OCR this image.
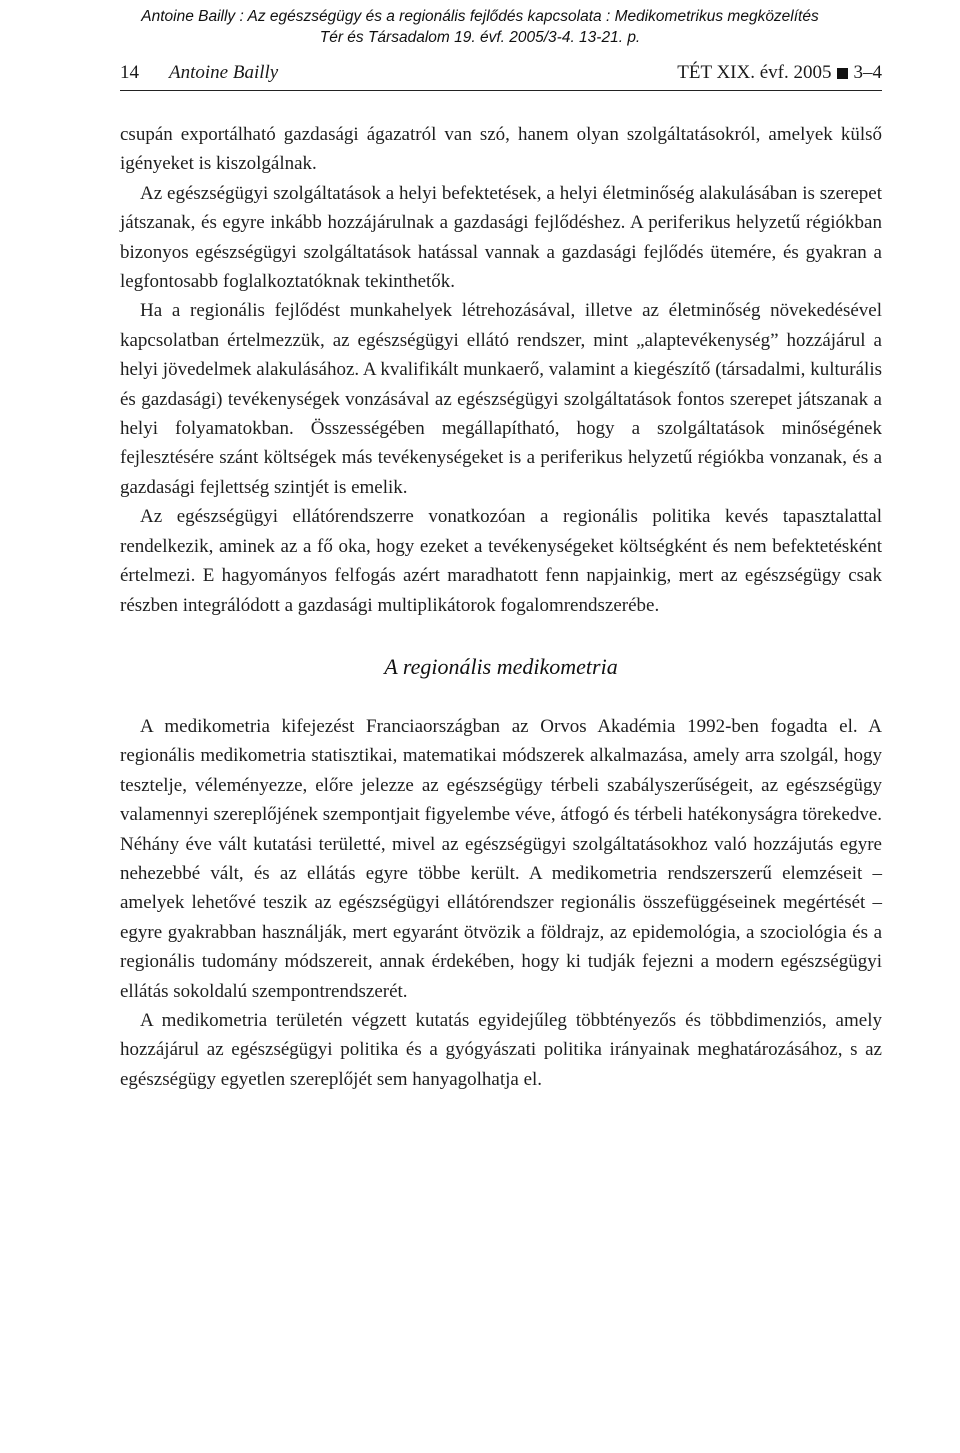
Antoine Bailly : Az egészségügy és a regionális fejlődés kapcsolata : Medikometrikus megközelítés
Tér és Társadalom 19. évf. 2005/3-4. 13-21. p.
14 Antoine Bailly	TÉT XIX. évf. 2005 3–4

csupán exportálható gazdasági ágazatról van szó, hanem olyan szolgáltatásokról, amelyek külső igényeket is kiszolgálnak.

Az egészségügyi szolgáltatások a helyi befektetések, a helyi életminőség alakulásában is szerepet játszanak, és egyre inkább hozzájárulnak a gazdasági fejlődéshez. A periferikus helyzetű régiókban bizonyos egészségügyi szolgáltatások hatással vannak a gazdasági fejlődés ütemére, és gyakran a legfontosabb foglalkoztatóknak tekinthetők.

Ha a regionális fejlődést munkahelyek létrehozásával, illetve az életminőség növekedésével kapcsolatban értelmezzük, az egészségügyi ellátó rendszer, mint „alaptevékenység” hozzájárul a helyi jövedelmek alakulásához. A kvalifikált munkaerő, valamint a kiegészítő (társadalmi, kulturális és gazdasági) tevékenységek vonzásával az egészségügyi szolgáltatások fontos szerepet játszanak a helyi folyamatokban. Összességében megállapítható, hogy a szolgáltatások minőségének fejlesztésére szánt költségek más tevékenységeket is a periferikus helyzetű régiókba vonzanak, és a gazdasági fejlettség szintjét is emelik.

Az egészségügyi ellátórendszerre vonatkozóan a regionális politika kevés tapasztalattal rendelkezik, aminek az a fő oka, hogy ezeket a tevékenységeket költségként és nem befektetésként értelmezi. E hagyományos felfogás azért maradhatott fenn napjainkig, mert az egészségügy csak részben integrálódott a gazdasági multiplikátorok fogalomrendszerébe.

A regionális medikometria

A medikometria kifejezést Franciaországban az Orvos Akadémia 1992-ben fogadta el. A regionális medikometria statisztikai, matematikai módszerek alkalmazása, amely arra szolgál, hogy tesztelje, véleményezze, előre jelezze az egészségügy térbeli szabályszerűségeit, az egészségügy valamennyi szereplőjének szempontjait figyelembe véve, átfogó és térbeli hatékonyságra törekedve. Néhány éve vált kutatási területté, mivel az egészségügyi szolgáltatásokhoz való hozzájutás egyre nehezebbé vált, és az ellátás egyre többe került. A medikometria rendszerszerű elemzéseit – amelyek lehetővé teszik az egészségügyi ellátórendszer regionális összefüggéseinek megértését – egyre gyakrabban használják, mert egyaránt ötvözik a földrajz, az epidemológia, a szociológia és a regionális tudomány módszereit, annak érdekében, hogy ki tudják fejezni a modern egészségügyi ellátás sokoldalú szempontrendszerét.

A medikometria területén végzett kutatás egyidejűleg többtényezős és többdimenziós, amely hozzájárul az egészségügyi politika és a gyógyászati politika irányainak meghatározásához, s az egészségügy egyetlen szereplőjét sem hanyagolhatja el.
